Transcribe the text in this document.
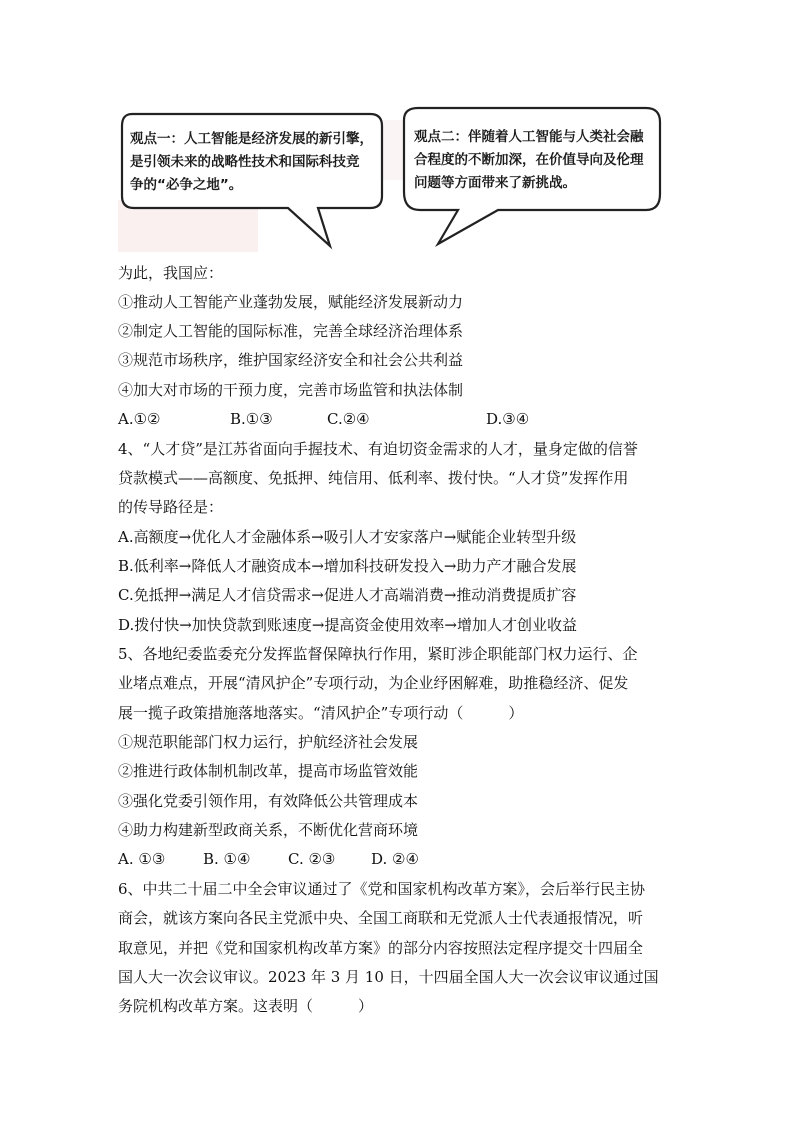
观点一：人工智能是经济发展的新引擎，
是引领未来的战略性技术和国际科技竞
争的“必争之地”。
观点二：伴随着人工智能与人类社会融
合程度的不断加深，在价值导向及伦理
问题等方面带来了新挑战。
为此，我国应：
①推动人工智能产业蓬勃发展，赋能经济发展新动力
②制定人工智能的国际标准，完善全球经济治理体系
③规范市场秩序，维护国家经济安全和社会公共利益
④加大对市场的干预力度，完善市场监管和执法体制
A.①②	B.①③	C.②④	D.③④
4、“人才贷”是江苏省面向手握技术、有迫切资金需求的人才，量身定做的信誉
贷款模式——高额度、免抵押、纯信用、低利率、拨付快。“人才贷”发挥作用
的传导路径是：
A.高额度→优化人才金融体系→吸引人才安家落户→赋能企业转型升级
B.低利率→降低人才融资成本→增加科技研发投入→助力产才融合发展
C.免抵押→满足人才信贷需求→促进人才高端消费→推动消费提质扩容
D.拨付快→加快贷款到账速度→提高资金使用效率→增加人才创业收益
5、各地纪委监委充分发挥监督保障执行作用，紧盯涉企职能部门权力运行、企
业堵点难点，开展“清风护企”专项行动，为企业纾困解难，助推稳经济、促发
展一揽子政策措施落地落实。“清风护企”专项行动（　　　）
①规范职能部门权力运行，护航经济社会发展
②推进行政体制机制改革，提高市场监管效能
③强化党委引领作用，有效降低公共管理成本
④助力构建新型政商关系，不断优化营商环境
A. ①③	B. ①④	C. ②③ D. ②④
6、中共二十届二中全会审议通过了《党和国家机构改革方案》，会后举行民主协
商会，就该方案向各民主党派中央、全国工商联和无党派人士代表通报情况，听
取意见，并把《党和国家机构改革方案》的部分内容按照法定程序提交十四届全
国人大一次会议审议。2023 年 3 月 10 日，十四届全国人大一次会议审议通过国
务院机构改革方案。这表明（　　　）
